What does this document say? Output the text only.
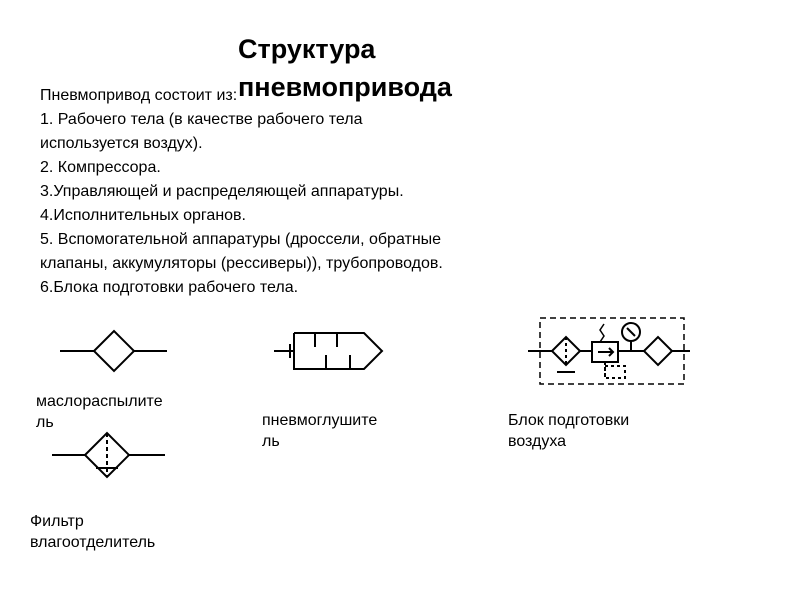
Структура пневмопривода
Пневмопривод состоит из:
1. Рабочего тела (в качестве рабочего тела
используется воздух).
2. Компрессора.
3.Управляющей и распределяющей аппаратуры.
4.Исполнительных органов.
5. Вспомогательной аппаратуры (дроссели, обратные
клапаны, аккумуляторы (рессиверы)), трубопроводов.
6.Блока подготовки рабочего тела.
маслораспылите
ль	пневмоглушите
ль
Блок подготовки
воздуха
Фильтр
влагоотделитель
